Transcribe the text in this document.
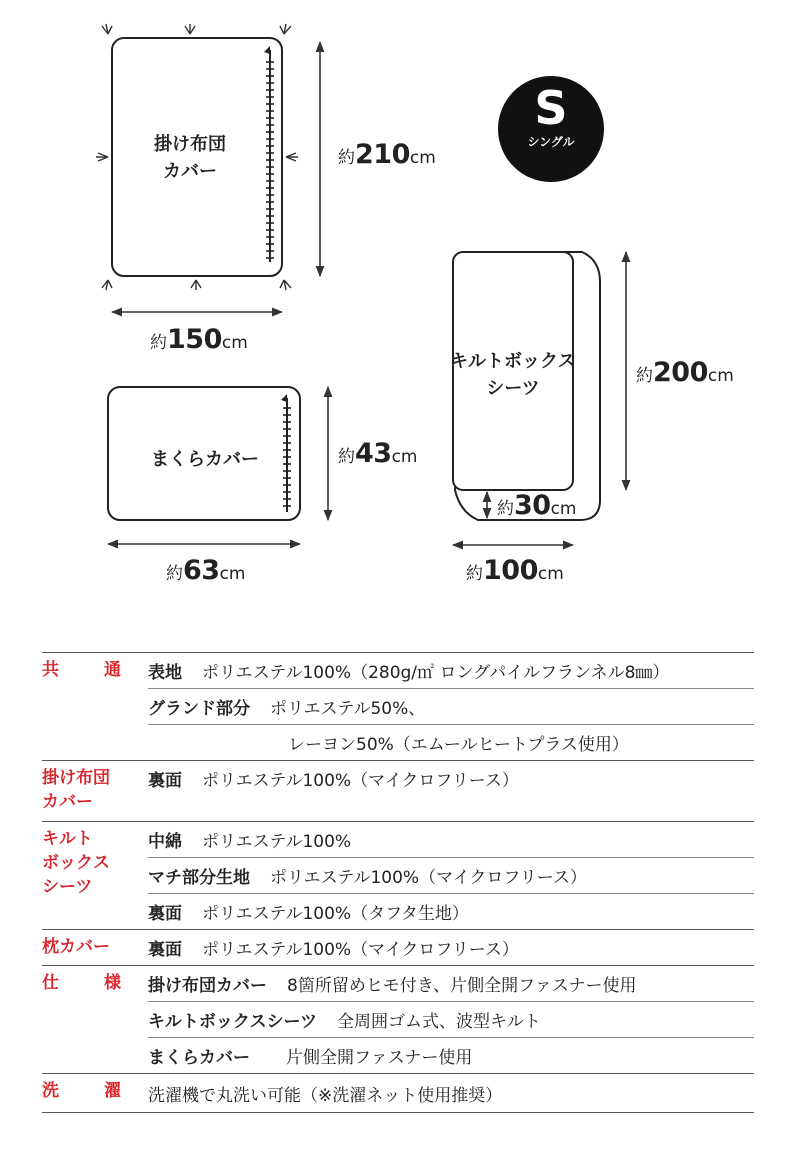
S
シングル
掛け布団
カバー
約210cm
約150cm
まくらカバー	約43cm
約63cm
キルトボックス
シーツ
約200cm
約30cm
約100cm
共　通 表地 ポリエステル100%（280g/㎡ ロングパイルフランネル8㎜）
グランド部分 ポリエステル50%、
レーヨン50%（エムールヒートプラス使用）
掛け布団
カバー
裏面 ポリエステル100%（マイクロフリース）
キルト
ボックス
シーツ
中綿 ポリエステル100%
マチ部分生地 ポリエステル100%（マイクロフリース）
裏面 ポリエステル100%（タフタ生地）
枕カバー	裏面 ポリエステル100%（マイクロフリース）
仕　様 掛け布団カバー 8箇所留めヒモ付き、片側全開ファスナー使用
キルトボックスシーツ 全周囲ゴム式、波型キルト
まくらカバー 片側全開ファスナー使用
洗　濯 洗濯機で丸洗い可能（※洗濯ネット使用推奨）
